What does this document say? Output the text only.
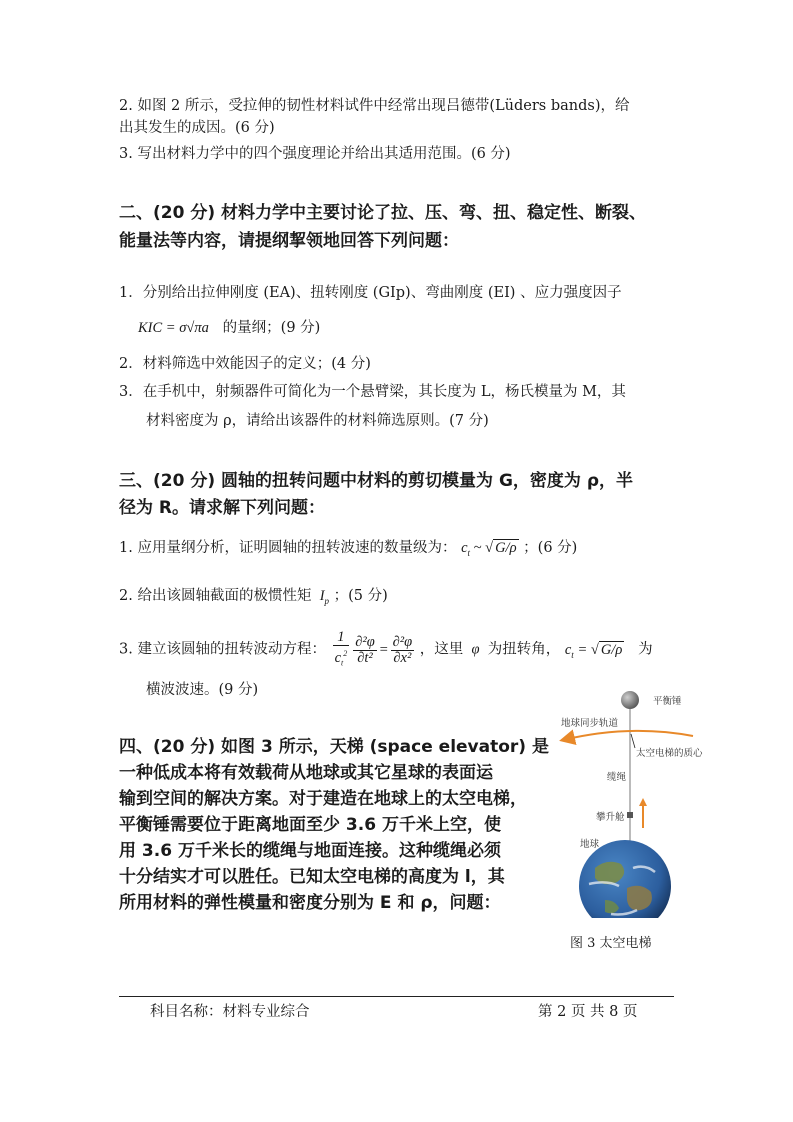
2. 如图 2 所示，受拉伸的韧性材料试件中经常出现吕德带(Lüders bands)，给
出其发生的成因。(6 分)
3. 写出材料力学中的四个强度理论并给出其适用范围。(6 分)
二、(20 分) 材料力学中主要讨论了拉、压、弯、扭、稳定性、断裂、
能量法等内容，请提纲挈领地回答下列问题：
1．分别给出拉伸刚度 (EA)、扭转刚度 (GIp)、弯曲刚度 (EI) 、应力强度因子
KIC = σ√πa 的量纲；(9 分)
2．材料筛选中效能因子的定义；(4 分)
3．在手机中，射频器件可简化为一个悬臂梁，其长度为 L，杨氏模量为 M，其
材料密度为 ρ，请给出该器件的材料筛选原则。(7 分)
三、(20 分) 圆轴的扭转问题中材料的剪切模量为 G，密度为 ρ，半
径为 R。请求解下列问题：
1. 应用量纲分析，证明圆轴的扭转波速的数量级为： $c_t$ ~ √ G/ρ ；(6 分)
2. 给出该圆轴截面的极惯性矩  $I_p$ ；(5 分)
3. 建立该圆轴的扭转波动方程： $\frac{1}{c_t^2} \frac{\text{∂²φ}}{\text{∂t²}} = \frac{\text{∂²φ}}{\text{∂x²}}$ ，这里  φ  为扭转角， $c_t$ = √ G/ρ 为
横波波速。(9 分)
四、(20 分) 如图 3 所示，天梯 (space elevator) 是
一种低成本将有效载荷从地球或其它星球的表面运
输到空间的解决方案。对于建造在地球上的太空电梯，
平衡锤需要位于距离地面至少 3.6 万千米上空，使
用 3.6 万千米长的缆绳与地面连接。这种缆绳必须
十分结实才可以胜任。已知太空电梯的高度为 l，其
所用材料的弹性模量和密度分别为 E 和 ρ，问题：
平衡锤
地球同步轨道
太空电梯的质心
缆绳
攀升舱
地球
图 3 太空电梯
科目名称：材料专业综合	第 2 页 共 8 页
